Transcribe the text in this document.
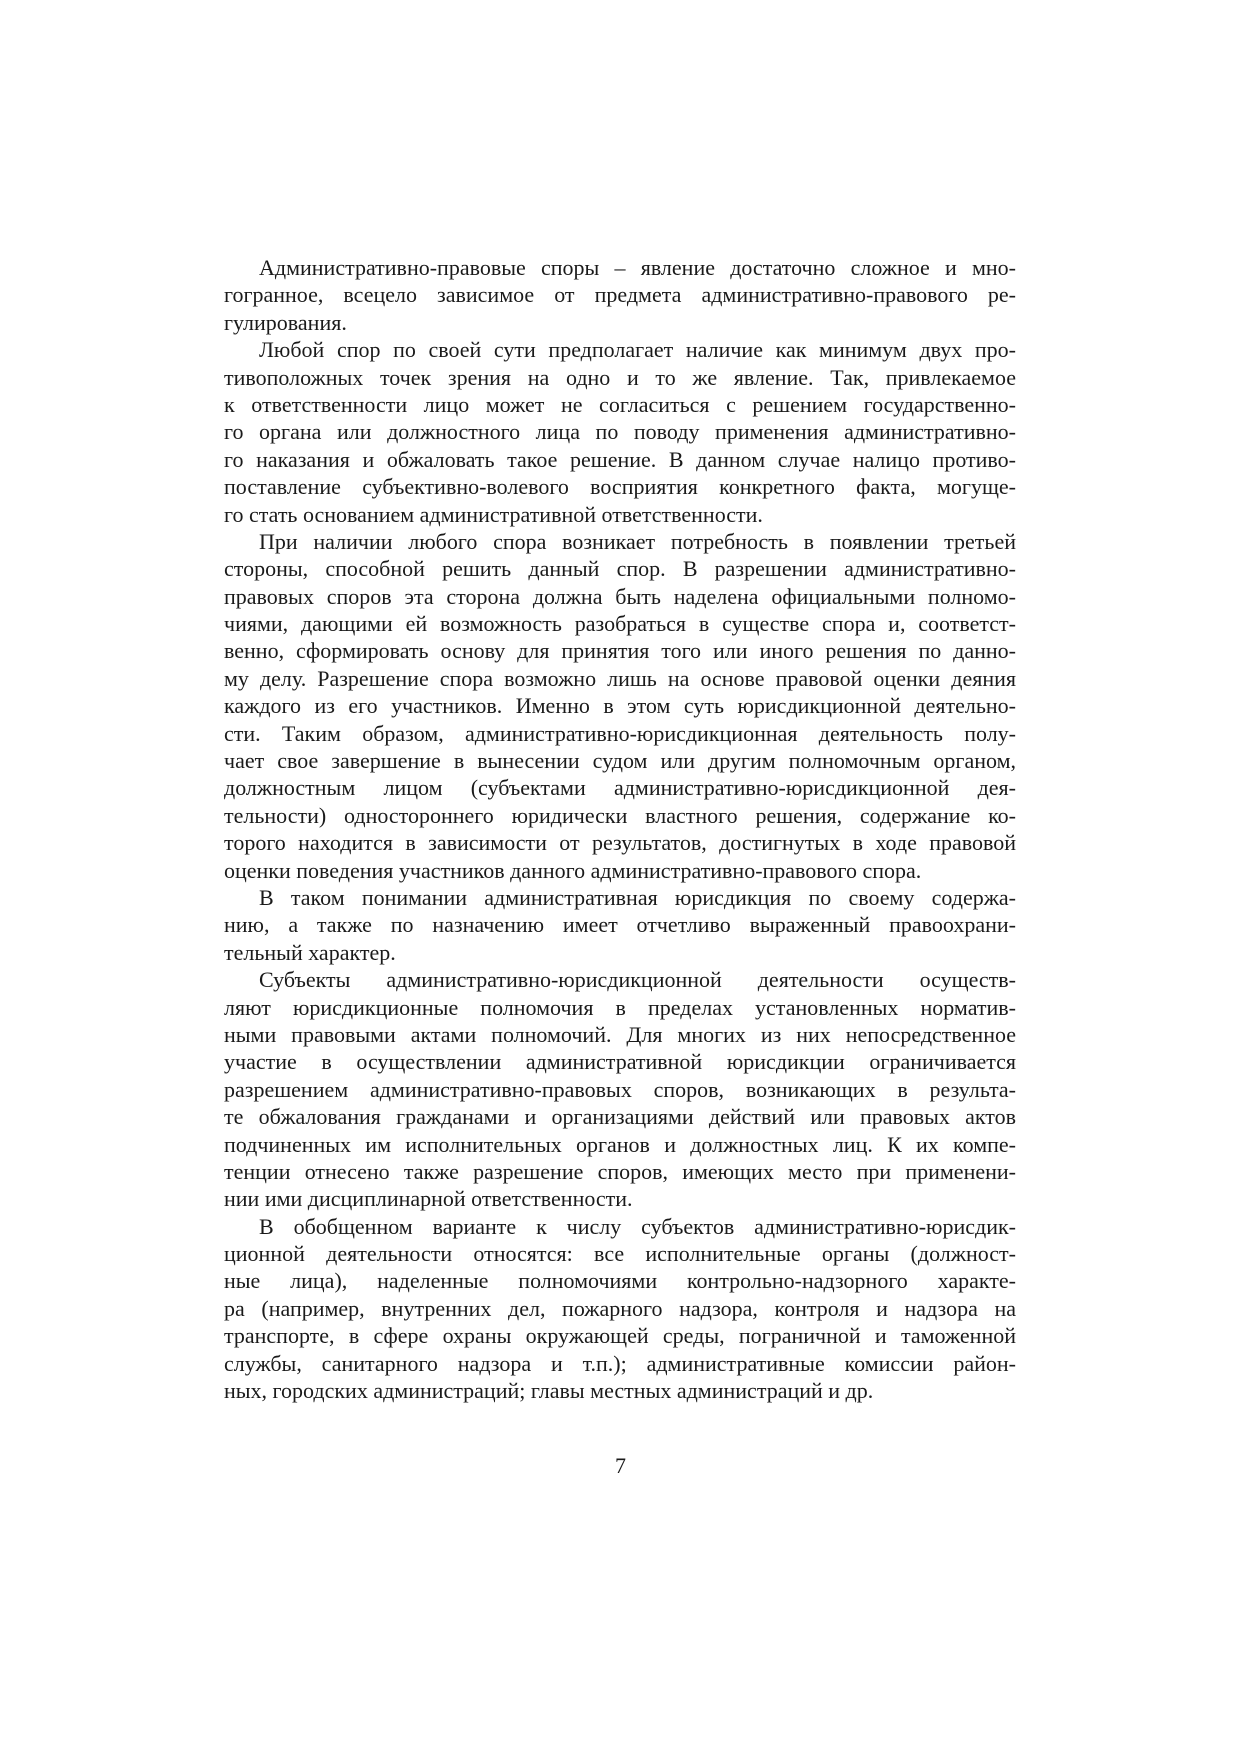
Административно-правовые споры – явление достаточно сложное и мно-
гогранное, всецело зависимое от предмета административно-правового ре-
гулирования.
Любой спор по своей сути предполагает наличие как минимум двух про-
тивоположных точек зрения на одно и то же явление. Так, привлекаемое
к ответственности лицо может не согласиться с решением государственно-
го органа или должностного лица по поводу применения административно-
го наказания и обжаловать такое решение. В данном случае налицо противо-
поставление субъективно-волевого восприятия конкретного факта, могуще-
го стать основанием административной ответственности.
При наличии любого спора возникает потребность в появлении третьей
стороны, способной решить данный спор. В разрешении административно-
правовых споров эта сторона должна быть наделена официальными полномо-
чиями, дающими ей возможность разобраться в существе спора и, соответст-
венно, сформировать основу для принятия того или иного решения по данно-
му делу. Разрешение спора возможно лишь на основе правовой оценки деяния
каждого из его участников. Именно в этом суть юрисдикционной деятельно-
сти. Таким образом, административно-юрисдикционная деятельность полу-
чает свое завершение в вынесении судом или другим полномочным органом,
должностным лицом (субъектами административно-юрисдикционной дея-
тельности) одностороннего юридически властного решения, содержание ко-
торого находится в зависимости от результатов, достигнутых в ходе правовой
оценки поведения участников данного административно-правового спора.
В таком понимании административная юрисдикция по своему содержа-
нию, а также по назначению имеет отчетливо выраженный правоохрани-
тельный характер.
Субъекты административно-юрисдикционной деятельности осуществ-
ляют юрисдикционные полномочия в пределах установленных норматив-
ными правовыми актами полномочий. Для многих из них непосредственное
участие в осуществлении административной юрисдикции ограничивается
разрешением административно-правовых споров, возникающих в результа-
те обжалования гражданами и организациями действий или правовых актов
подчиненных им исполнительных органов и должностных лиц. К их компе-
тенции отнесено также разрешение споров, имеющих место при применени-
нии ими дисциплинарной ответственности.
В обобщенном варианте к числу субъектов административно-юрисдик-
ционной деятельности относятся: все исполнительные органы (должност-
ные лица), наделенные полномочиями контрольно-надзорного характе-
ра (например, внутренних дел, пожарного надзора, контроля и надзора на
транспорте, в сфере охраны окружающей среды, пограничной и таможенной
службы, санитарного надзора и т.п.); административные комиссии район-
ных, городских администраций; главы местных администраций и др.
7
